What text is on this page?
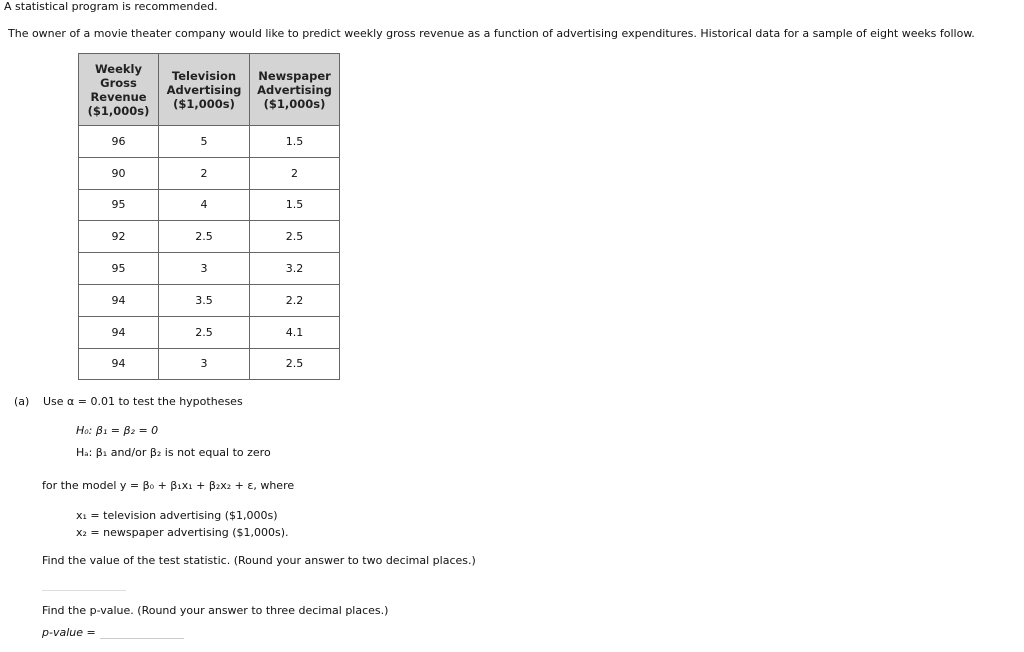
A statistical program is recommended.
The owner of a movie theater company would like to predict weekly gross revenue as a function of advertising expenditures. Historical data for a sample of eight weeks follow.
Weekly
Gross
Revenue
($1,000s)	Television
Advertising
($1,000s)	Newspaper
Advertising
($1,000s)
96	5	1.5
90	2	2
95	4	1.5
92	2.5	2.5
95	3	3.2
94	3.5	2.2
94	2.5	4.1
94	3	2.5
(a) Use α = 0.01 to test the hypotheses
H₀: β₁ = β₂ = 0
Hₐ: β₁ and/or β₂ is not equal to zero
for the model y = β₀ + β₁x₁ + β₂x₂ + ε, where
x₁ = television advertising ($1,000s)
x₂ = newspaper advertising ($1,000s).
Find the value of the test statistic. (Round your answer to two decimal places.)
Find the p-value. (Round your answer to three decimal places.)
p-value =
